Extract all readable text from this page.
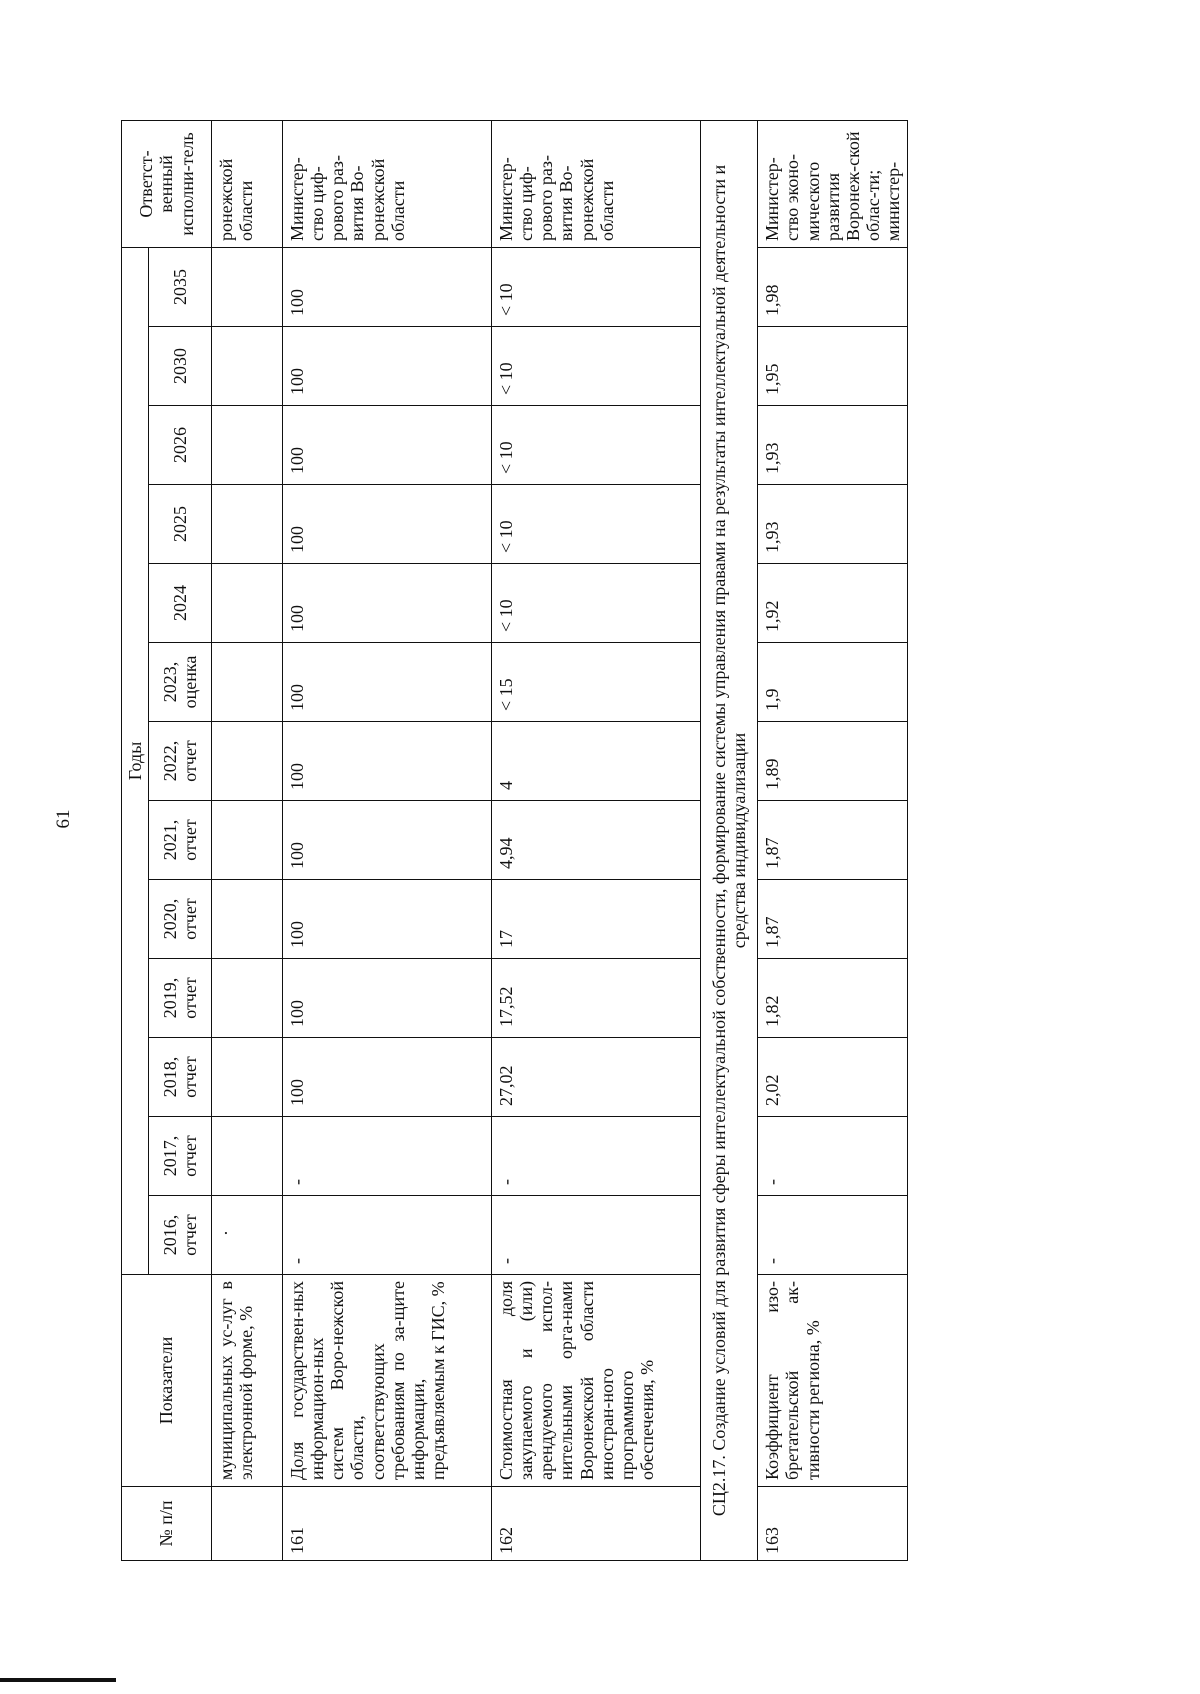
61
№ п/п	Показатели	Годы													Ответст-венный исполни-тель
		2016, отчет	2017, отчет	2018, отчет	2019, отчет	2020, отчет	2021, отчет	2022, отчет	2023, оценка	2024	2025	2026	2030	2035	
	муниципальных ус-луг в электронной форме, %	·													ронежской области
161	Доля государствен-ных информацион-ных систем Воро-нежской области, соответствующих требованиям по за-щите информации, предъявляемым к ГИС, %	-	-	100	100	100	100	100	100	100	100	100	100	100	Министер-ство циф-рового раз-вития Во-ронежской области
162	Стоимостная доля закупаемого и (или) арендуемого испол-нительными орга-нами Воронежской области иностран-ного программного обеспечения, %	-	-	27,02	17,52	17	4,94	4	< 15	< 10	< 10	< 10	< 10	< 10	Министер-ство циф-рового раз-вития Во-ронежской области
СЦ2.17. Создание условий для развития сферы интеллектуальной собственности, формирование системы управления правами на результаты интеллектуальной деятельности и средства индивидуализации															
163	Коэффициент изо-бретательской ак-тивности региона, %	-	-	2,02	1,82	1,87	1,87	1,89	1,9	1,92	1,93	1,93	1,95	1,98	Министер-ство эконо-мического развития Воронеж-ской облас-ти; министер-
